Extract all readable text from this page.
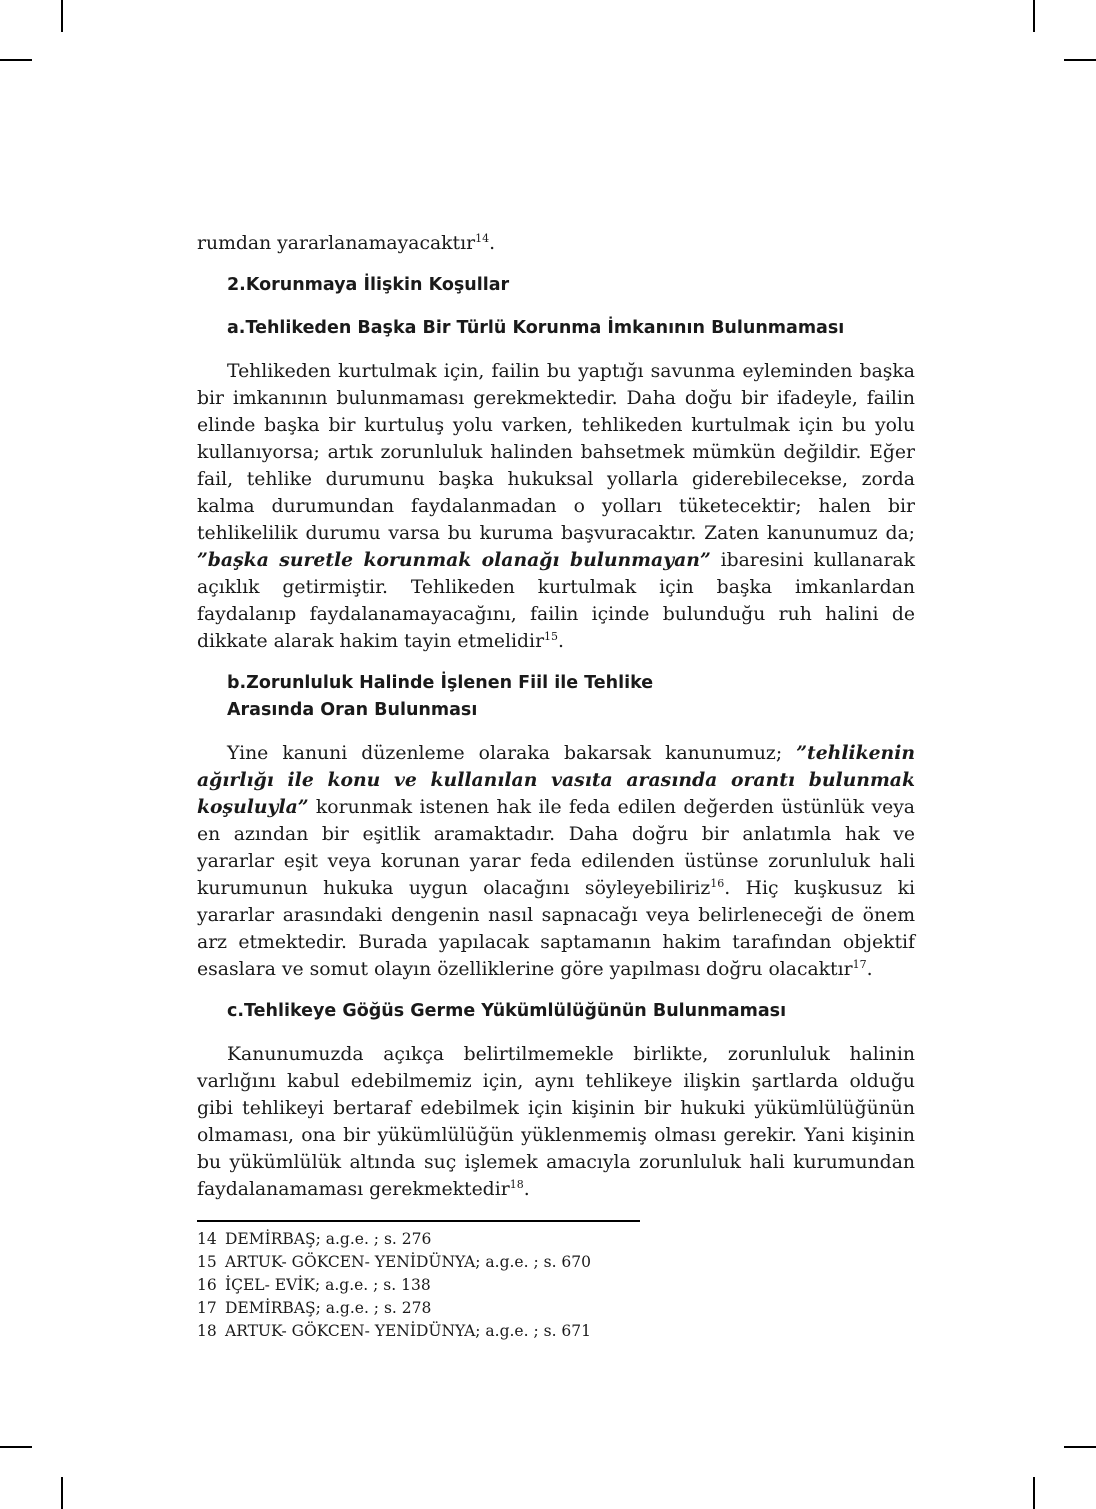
rumdan yararlanamayacaktır$^{14}$.

2.Korunmaya İlişkin Koşullar
a.Tehlikeden Başka Bir Türlü Korunma İmkanının Bulunmaması

Tehlikeden kurtulmak için, failin bu yaptığı savunma eyleminden başka bir imkanının bulunmaması gerekmektedir. Daha doğu bir ifadeyle, failin elinde başka bir kurtuluş yolu varken, tehlikeden kurtulmak için bu yolu kullanıyorsa; artık zorunluluk halinden bahsetmek mümkün değildir. Eğer fail, tehlike durumunu başka hukuksal yollarla giderebilecekse, zorda kalma durumundan faydalanmadan o yolları tüketecektir; halen bir tehlikelilik durumu varsa bu kuruma başvuracaktır. Zaten kanunumuz da; ”başka suretle korunmak olanağı bulunmayan” ibaresini kullanarak açıklık getirmiştir. Tehlikeden kurtulmak için başka imkanlardan faydalanıp faydalanamayacağını, failin içinde bulunduğu ruh halini de dikkate alarak hakim tayin etmelidir$^{15}$.

b.Zorunluluk Halinde İşlenen Fiil ile Tehlike Arasında Oran Bulunması

Yine kanuni düzenleme olaraka bakarsak kanunumuz; ”tehlikenin ağırlığı ile konu ve kullanılan vasıta arasında orantı bulunmak koşuluyla” korunmak istenen hak ile feda edilen değerden üstünlük veya en azından bir eşitlik aramaktadır. Daha doğru bir anlatımla hak ve yararlar eşit veya korunan yarar feda edilenden üstünse zorunluluk hali kurumunun hukuka uygun olacağını söyleyebiliriz$^{16}$. Hiç kuşkusuz ki yararlar arasındaki dengenin nasıl sapnacağı veya belirleneceği de önem arz etmektedir. Burada yapılacak saptamanın hakim tarafından objektif esaslara ve somut olayın özelliklerine göre yapılması doğru olacaktır$^{17}$.

c.Tehlikeye Göğüs Germe Yükümlülüğünün Bulunmaması

Kanunumuzda açıkça belirtilmemekle birlikte, zorunluluk halinin varlığını kabul edebilmemiz için, aynı tehlikeye ilişkin şartlarda olduğu gibi tehlikeyi bertaraf edebilmek için kişinin bir hukuki yükümlülüğünün olmaması, ona bir yükümlülüğün yüklenmemiş olması gerekir. Yani kişinin bu yükümlülük altında suç işlemek amacıyla zorunluluk hali kurumundan faydalanamaması gerekmektedir$^{18}$.

14 DEMİRBAŞ; a.g.e. ; s. 276
15 ARTUK- GÖKCEN- YENİDÜNYA; a.g.e. ; s. 670
16 İÇEL- EVİK; a.g.e. ; s. 138
17 DEMİRBAŞ; a.g.e. ; s. 278
18 ARTUK- GÖKCEN- YENİDÜNYA; a.g.e. ; s. 671
